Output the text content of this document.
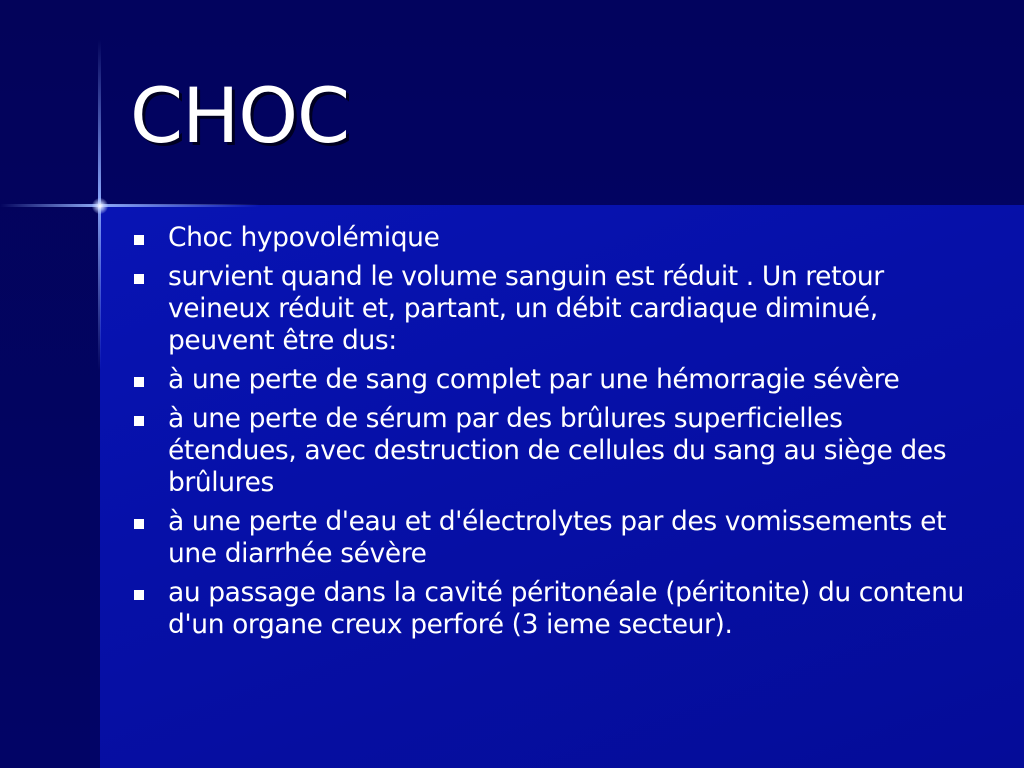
CHOC
Choc hypovolémique
survient quand le volume sanguin est réduit . Un retour veineux réduit et, partant, un débit cardiaque diminué, peuvent être dus:
à une perte de sang complet par une hémorragie sévère
à une perte de sérum par des brûlures superficielles étendues, avec destruction de cellules du sang au siège des brûlures
à une perte d'eau et d'électrolytes par des vomissements et une diarrhée sévère
au passage dans la cavité péritonéale (péritonite) du contenu d'un organe creux perforé (3 ieme secteur).
